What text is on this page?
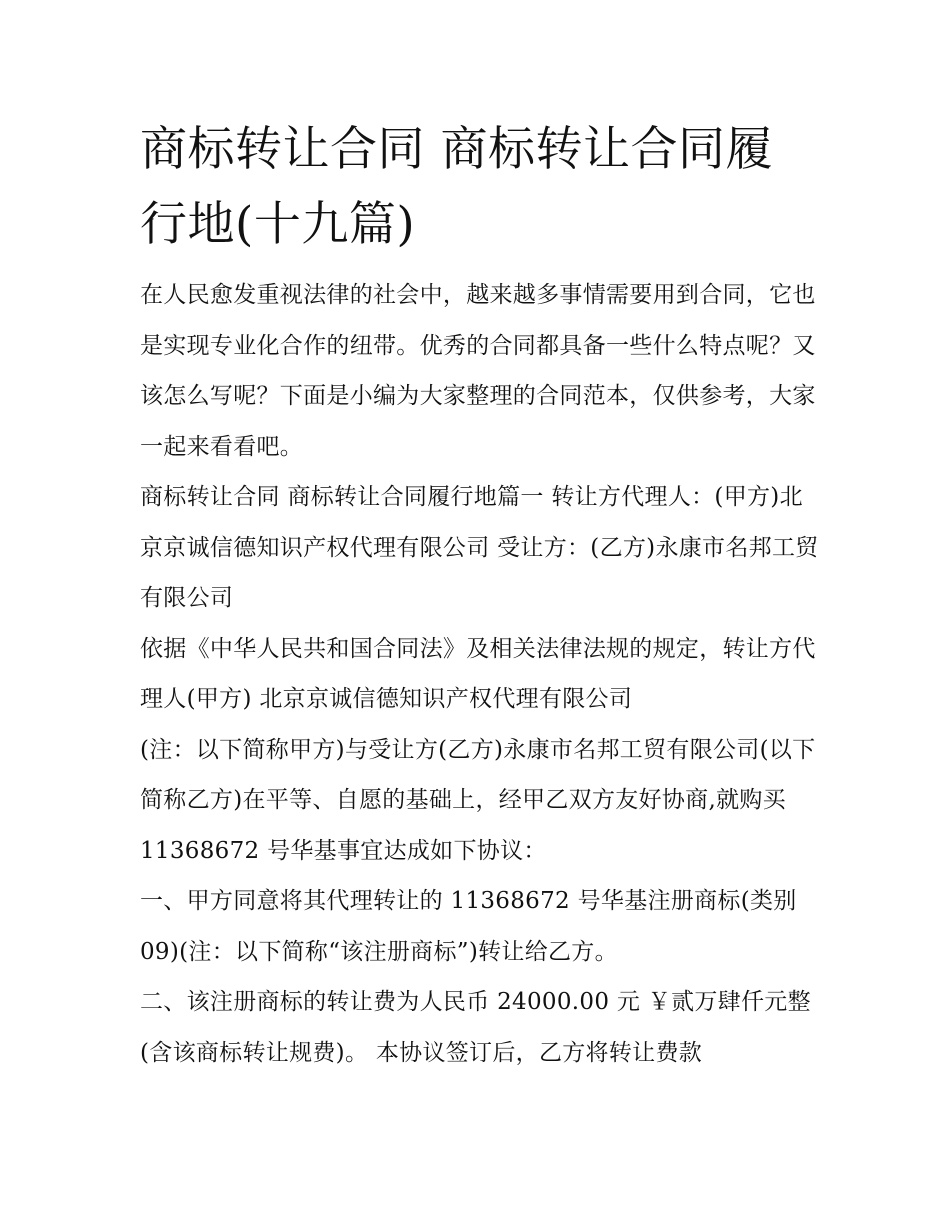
商标转让合同 商标转让合同履行地(十九篇)

在人民愈发重视法律的社会中，越来越多事情需要用到合同，它也是实现专业化合作的纽带。优秀的合同都具备一些什么特点呢？又该怎么写呢？下面是小编为大家整理的合同范本，仅供参考，大家一起来看看吧。

商标转让合同 商标转让合同履行地篇一 转让方代理人：(甲方)北京京诚信德知识产权代理有限公司 受让方：(乙方)永康市名邦工贸有限公司

依据《中华人民共和国合同法》及相关法律法规的规定，转让方代理人(甲方) 北京京诚信德知识产权代理有限公司

(注：以下简称甲方)与受让方(乙方)永康市名邦工贸有限公司(以下简称乙方)在平等、自愿的基础上，经甲乙双方友好协商,就购买 11368672 号华基事宜达成如下协议：

一、甲方同意将其代理转让的 11368672 号华基注册商标(类别 09)(注：以下简称“该注册商标”)转让给乙方。

二、该注册商标的转让费为人民币 24000.00 元 ￥贰万肆仟元整(含该商标转让规费)。 本协议签订后，乙方将转让费款
